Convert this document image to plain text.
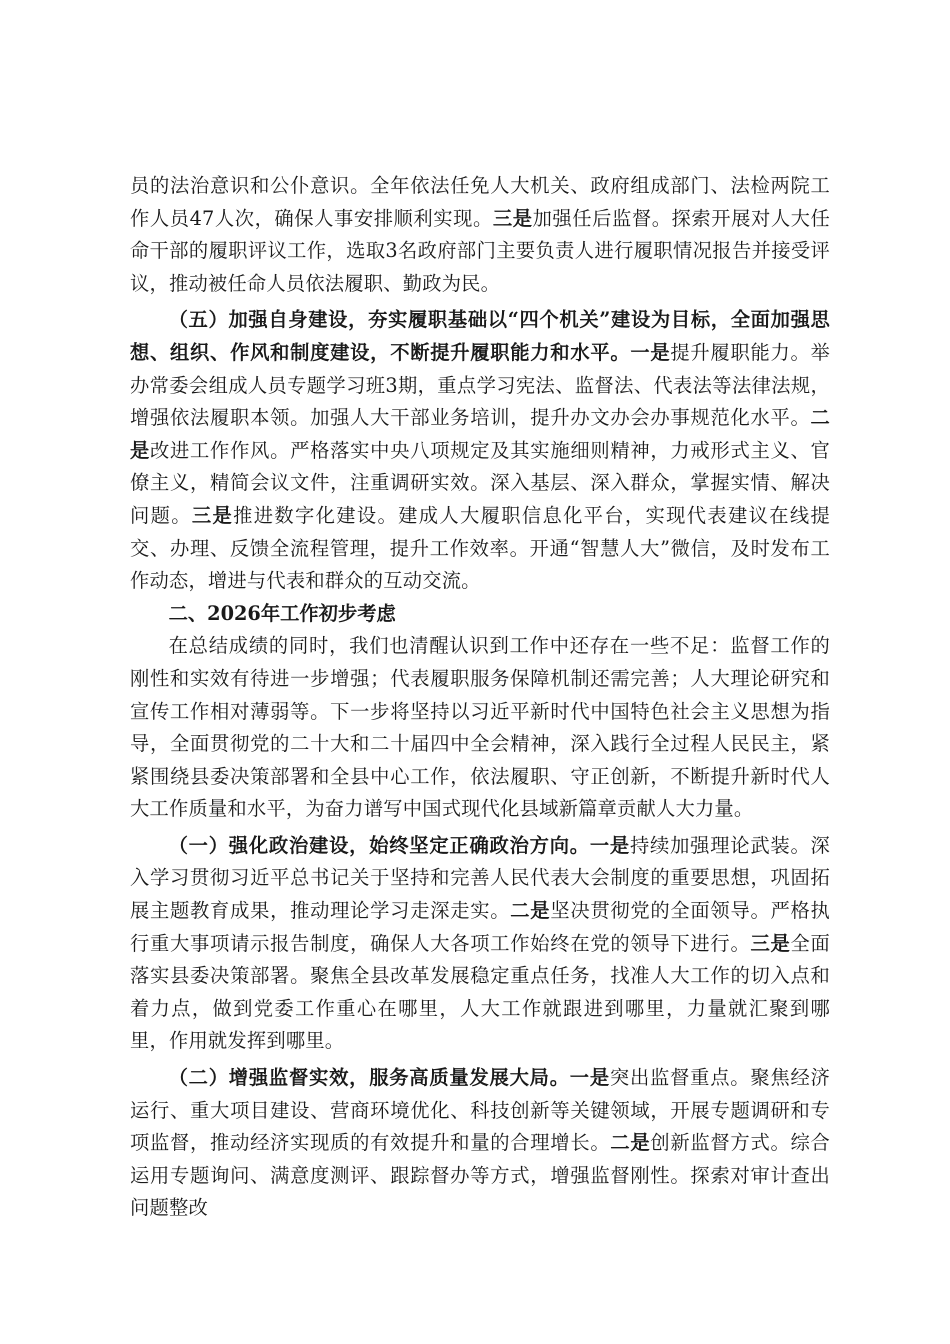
员的法治意识和公仆意识。全年依法任免人大机关、政府组成部门、法检两院工作人员47人次，确保人事安排顺利实现。三是加强任后监督。探索开展对人大任命干部的履职评议工作，选取3名政府部门主要负责人进行履职情况报告并接受评议，推动被任命人员依法履职、勤政为民。

（五）加强自身建设，夯实履职基础以“四个机关”建设为目标，全面加强思想、组织、作风和制度建设，不断提升履职能力和水平。一是提升履职能力。举办常委会组成人员专题学习班3期，重点学习宪法、监督法、代表法等法律法规，增强依法履职本领。加强人大干部业务培训，提升办文办会办事规范化水平。二是改进工作作风。严格落实中央八项规定及其实施细则精神，力戒形式主义、官僚主义，精简会议文件，注重调研实效。深入基层、深入群众，掌握实情、解决问题。三是推进数字化建设。建成人大履职信息化平台，实现代表建议在线提交、办理、反馈全流程管理，提升工作效率。开通“智慧人大”微信，及时发布工作动态，增进与代表和群众的互动交流。

二、2026年工作初步考虑

在总结成绩的同时，我们也清醒认识到工作中还存在一些不足：监督工作的刚性和实效有待进一步增强；代表履职服务保障机制还需完善；人大理论研究和宣传工作相对薄弱等。下一步将坚持以习近平新时代中国特色社会主义思想为指导，全面贯彻党的二十大和二十届四中全会精神，深入践行全过程人民民主，紧紧围绕县委决策部署和全县中心工作，依法履职、守正创新，不断提升新时代人大工作质量和水平，为奋力谱写中国式现代化县域新篇章贡献人大力量。

（一）强化政治建设，始终坚定正确政治方向。一是持续加强理论武装。深入学习贯彻习近平总书记关于坚持和完善人民代表大会制度的重要思想，巩固拓展主题教育成果，推动理论学习走深走实。二是坚决贯彻党的全面领导。严格执行重大事项请示报告制度，确保人大各项工作始终在党的领导下进行。三是全面落实县委决策部署。聚焦全县改革发展稳定重点任务，找准人大工作的切入点和着力点，做到党委工作重心在哪里，人大工作就跟进到哪里，力量就汇聚到哪里，作用就发挥到哪里。

（二）增强监督实效，服务高质量发展大局。一是突出监督重点。聚焦经济运行、重大项目建设、营商环境优化、科技创新等关键领域，开展专题调研和专项监督，推动经济实现质的有效提升和量的合理增长。二是创新监督方式。综合运用专题询问、满意度测评、跟踪督办等方式，增强监督刚性。探索对审计查出问题整改
